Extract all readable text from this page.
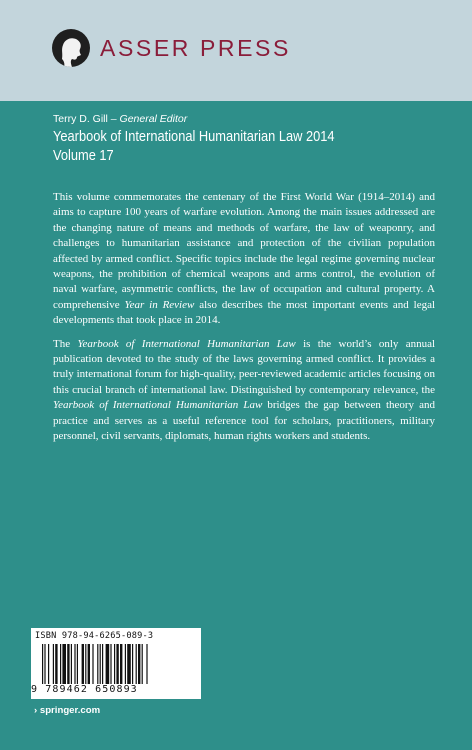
ASSER PRESS
Terry D. Gill – General Editor
Yearbook of International Humanitarian Law 2014
Volume 17

This volume commemorates the centenary of the First World War (1914–2014) and aims to capture 100 years of warfare evolution. Among the main issues addressed are the changing nature of means and methods of warfare, the law of weaponry, and challenges to humanitarian assistance and protection of the civilian population affected by armed conflict. Specific topics include the legal regime governing nuclear weapons, the prohibition of chemical weapons and arms control, the evolution of naval warfare, asymmetric conflicts, the law of occupation and cultural property. A comprehensive Year in Review also describes the most important events and legal developments that took place in 2014.

The Yearbook of International Humanitarian Law is the world’s only annual publication devoted to the study of the laws governing armed conflict. It provides a truly international forum for high-quality, peer-reviewed academic articles focusing on this crucial branch of international law. Distinguished by contemporary relevance, the Yearbook of International Humanitarian Law bridges the gap between theory and practice and serves as a useful reference tool for scholars, practitioners, military personnel, civil servants, diplomats, human rights workers and students.

ISBN 978-94-6265-089-3
9 789462 650893
› springer.com
